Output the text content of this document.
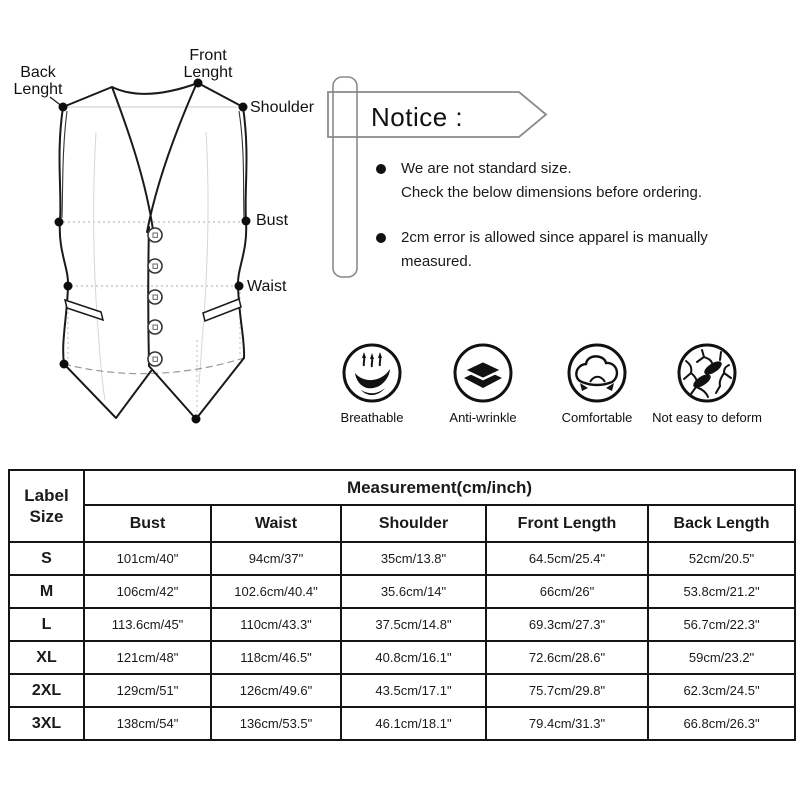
Back
Lenght
Front
Lenght
Shoulder
Bust
Waist
Notice :
We are not standard size.
Check the below dimensions before ordering.
2cm error is allowed since apparel is manually
measured.
Breathable	Anti-wrinkle	Comfortable Not easy to deform
Label
Size	Measurement(cm/inch)				
	Bust	Waist	Shoulder	Front Length	Back Length
S	101cm/40"	94cm/37"	35cm/13.8"	64.5cm/25.4"	52cm/20.5"
M	106cm/42"	102.6cm/40.4"	35.6cm/14"	66cm/26"	53.8cm/21.2"
L	113.6cm/45"	110cm/43.3"	37.5cm/14.8"	69.3cm/27.3"	56.7cm/22.3"
XL	121cm/48"	118cm/46.5"	40.8cm/16.1"	72.6cm/28.6"	59cm/23.2"
2XL	129cm/51"	126cm/49.6"	43.5cm/17.1"	75.7cm/29.8"	62.3cm/24.5"
3XL	138cm/54"	136cm/53.5"	46.1cm/18.1"	79.4cm/31.3"	66.8cm/26.3"
